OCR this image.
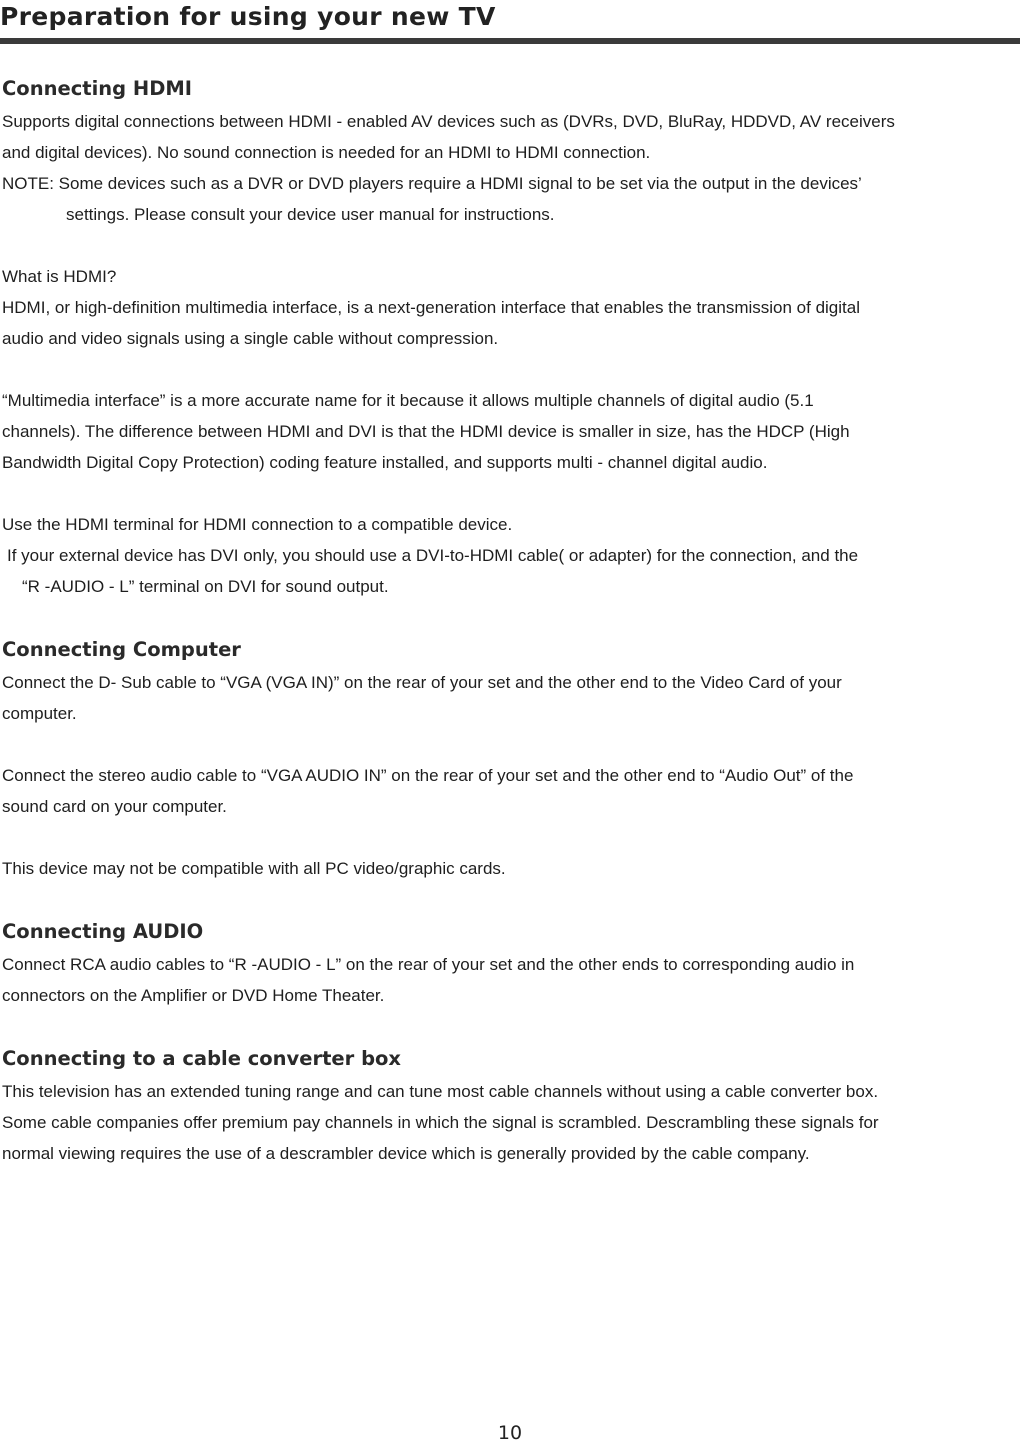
Preparation for using your new TV
Connecting HDMI
Supports digital connections between HDMI - enabled AV devices such as (DVRs, DVD, BluRay, HDDVD, AV receivers
and digital devices). No sound connection is needed for an HDMI to HDMI connection.
NOTE: Some devices such as a DVR or DVD players require a HDMI signal to be set via the output in the devices’
settings. Please consult your device user manual for instructions.
What is HDMI?
HDMI, or high-definition multimedia interface, is a next-generation interface that enables the transmission of digital
audio and video signals using a single cable without compression.
“Multimedia interface” is a more accurate name for it because it allows multiple channels of digital audio (5.1
channels). The difference between HDMI and DVI is that the HDMI device is smaller in size, has the HDCP (High
Bandwidth Digital Copy Protection) coding feature installed, and supports multi - channel digital audio.
Use the HDMI terminal for HDMI connection to a compatible device.
If your external device has DVI only, you should use a DVI-to-HDMI cable( or adapter) for the connection, and the
“R -AUDIO - L” terminal on DVI for sound output.
Connecting Computer
Connect the D- Sub cable to “VGA (VGA IN)” on the rear of your set and the other end to the Video Card of your
computer.
Connect the stereo audio cable to “VGA AUDIO IN” on the rear of your set and the other end to “Audio Out” of the
sound card on your computer.
This device may not be compatible with all PC video/graphic cards.
Connecting AUDIO
Connect RCA audio cables to “R -AUDIO - L” on the rear of your set and the other ends to corresponding audio in
connectors on the Amplifier or DVD Home Theater.
Connecting to a cable converter box
This television has an extended tuning range and can tune most cable channels without using a cable converter box.
Some cable companies offer premium pay channels in which the signal is scrambled. Descrambling these signals for
normal viewing requires the use of a descrambler device which is generally provided by the cable company.
10
